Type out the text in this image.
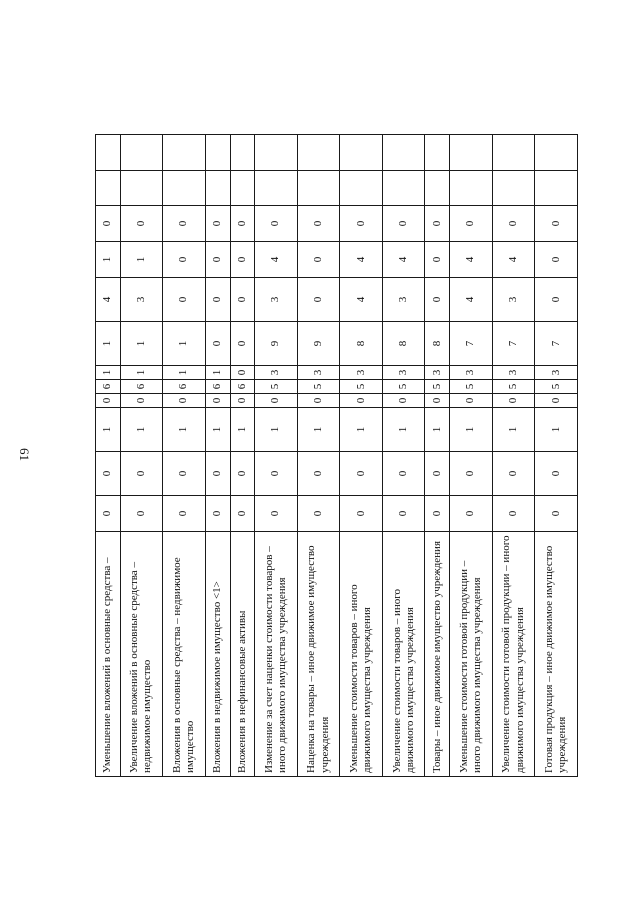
61
Уменьшение вложений в основные средства –	0	0	1	0	6	1	1	4	1	0		
Увеличение вложений в основные средства – недвижимое имущество	0	0	1	0	6	1	1	3	1	0		
Вложения в основные средства – недвижимое имущество	0	0	1	0	6	1	1	0	0	0		
Вложения в недвижимое имущество <1>	0	0	1	0	6	1	0	0	0	0		
Вложения в нефинансовые активы	0	0	1	0	6	0	0	0	0	0		
Изменение за счет наценки стоимости товаров – иного движимого имущества учреждения	0	0	1	0	5	3	9	3	4	0		
Наценка на товары – иное движимое имущество учреждения	0	0	1	0	5	3	9	0	0	0		
Уменьшение стоимости товаров – иного движимого имущества учреждения	0	0	1	0	5	3	8	4	4	0		
Увеличение стоимости товаров – иного движимого имущества учреждения	0	0	1	0	5	3	8	3	4	0		
Товары – иное движимое имущество учреждения	0	0	1	0	5	3	8	0	0	0		
Уменьшение стоимости готовой продукции – иного движимого имущества учреждения	0	0	1	0	5	3	7	4	4	0		
Увеличение стоимости готовой продукции – иного движимого имущества учреждения	0	0	1	0	5	3	7	3	4	0		
Готовая продукция – иное движимое имущество учреждения	0	0	1	0	5	3	7	0	0	0		
